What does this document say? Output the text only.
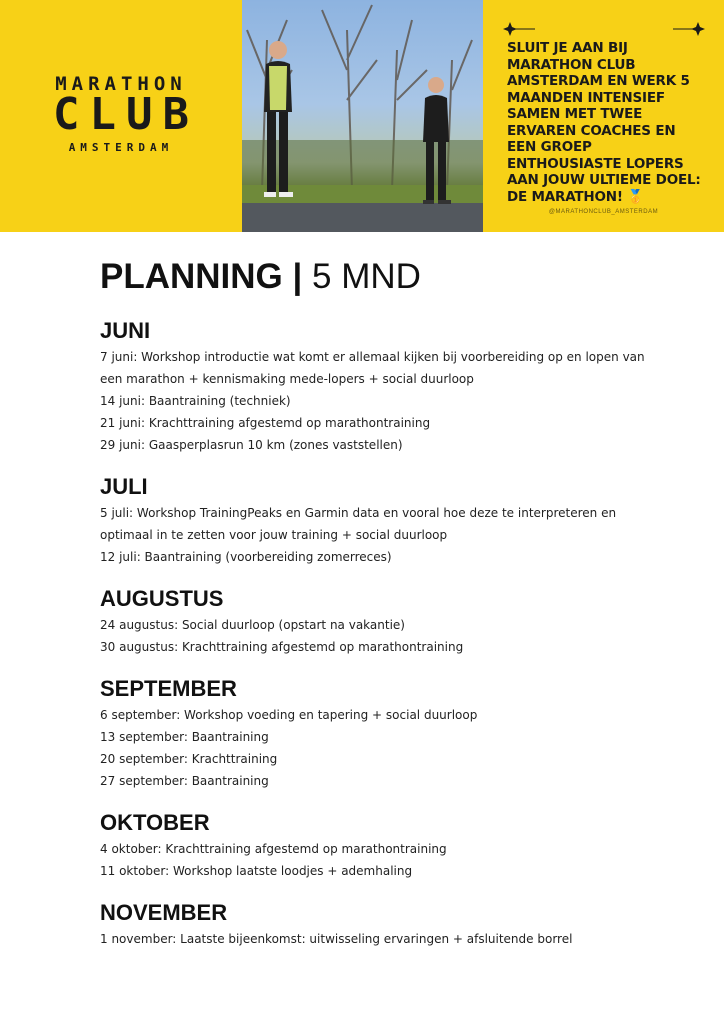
MARATHON
CLUB
AMSTERDAM
SLUIT JE AAN BIJ MARATHON CLUB AMSTERDAM EN WERK 5 MAANDEN INTENSIEF SAMEN MET TWEE ERVAREN COACHES EN EEN GROEP ENTHOUSIASTE LOPERS AAN JOUW ULTIEME DOEL: DE MARATHON! 🥇
@MARATHONCLUB_AMSTERDAM
PLANNING | 5 MND
JUNI
7 juni: Workshop introductie wat komt er allemaal kijken bij voorbereiding op en lopen van een marathon + kennismaking mede-lopers + social duurloop
14 juni: Baantraining (techniek)
21 juni: Krachttraining afgestemd op marathontraining
29 juni: Gaasperplasrun 10 km (zones vaststellen)
JULI
5 juli: Workshop TrainingPeaks en Garmin data en vooral hoe deze te interpreteren en optimaal in te zetten voor jouw training + social duurloop
12 juli: Baantraining (voorbereiding zomerreces)
AUGUSTUS
24 augustus: Social duurloop (opstart na vakantie)
30 augustus: Krachttraining afgestemd op marathontraining
SEPTEMBER
6 september: Workshop voeding en tapering + social duurloop
13 september: Baantraining
20 september: Krachttraining
27 september: Baantraining
OKTOBER
4 oktober: Krachttraining afgestemd op marathontraining
11 oktober: Workshop laatste loodjes + ademhaling
NOVEMBER
1 november: Laatste bijeenkomst: uitwisseling ervaringen + afsluitende borrel
